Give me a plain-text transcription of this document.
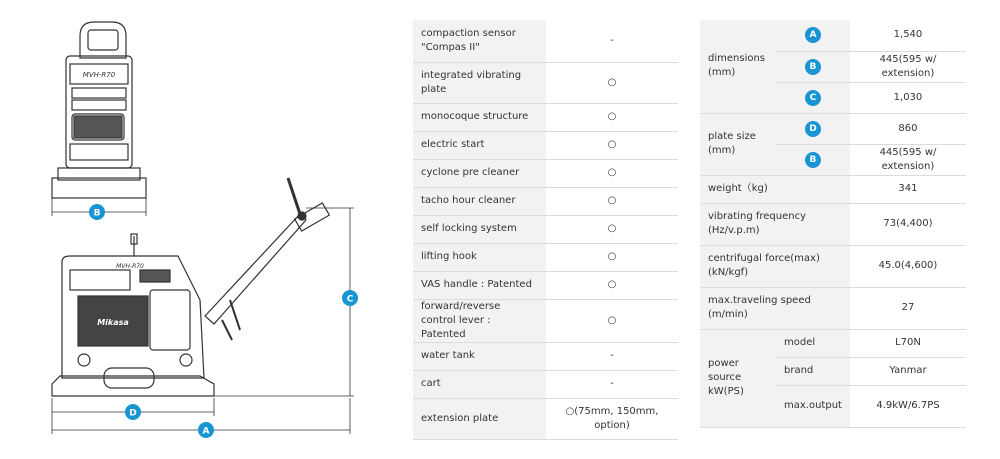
Mikasa
Mikasa
MVH-R70
MVH-R70
B
C
D
A
compaction sensor "Compas II"	-
integrated vibrating plate	○
monocoque structure	○
electric start	○
cyclone pre cleaner	○
tacho hour cleaner	○
self locking system	○
lifting hook	○
VAS handle : Patented	○
forward/reverse control lever : Patented	○
water tank	-
cart	-
extension plate	○(75mm, 150mm, option)
dimensions
(mm)	A	1,540
	B	445(595 w/ extension)
	C	1,030
plate size
(mm)	D	860
	B	445(595 w/ extension)
weight（kg)		341
vibrating frequency
(Hz/v.p.m)		73(4,400)
centrifugal force(max)
(kN/kgf)		45.0(4,600)
max.traveling speed
(m/min)		27
power source kW(PS)	model	L70N
	brand	Yanmar
	max.output	4.9kW/6.7PS
